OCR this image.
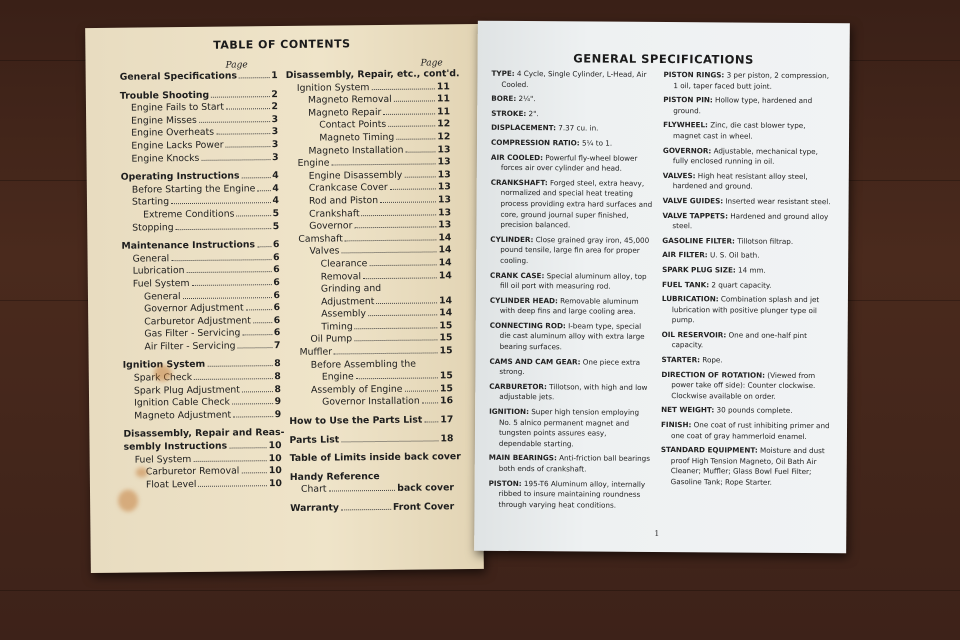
TABLE OF CONTENTS
Page	Page
General Specifications	1
Trouble Shooting	2
Engine Fails to Start	2
Engine Misses	3
Engine Overheats	3
Engine Lacks Power	3
Engine Knocks	3
Operating Instructions	4
Before Starting the Engine 4
Starting	4
Extreme Conditions	5
Stopping	5
Maintenance Instructions 6
General	6
Lubrication	6
Fuel System	6
General	6
Governor Adjustment	6
Carburetor Adjustment 6
Gas Filter - Servicing	6
Air Filter - Servicing	7
Ignition System	8
Spark Check	8
Spark Plug Adjustment	8
Ignition Cable Check	9
Magneto Adjustment	9
Disassembly, Repair and Reas-
sembly Instructions	10
Fuel System	10
Carburetor Removal	10
Float Level	10
Disassembly, Repair, etc., cont'd.
Ignition System	11
Magneto Removal	11
Magneto Repair	11
Contact Points	12
Magneto Timing	12
Magneto Installation	13
Engine	13
Engine Disassembly	13
Crankcase Cover	13
Rod and Piston	13
Crankshaft	13
Governor	13
Camshaft	14
Valves	14
Clearance	14
Removal	14
Grinding and
Adjustment	14
Assembly	14
Timing	15
Oil Pump	15
Muffler	15
Before Assembling the
Engine	15
Assembly of Engine	15
Governor Installation 16
How to Use the Parts List 17
Parts List	18
Table of Limits inside back cover
Handy Reference
Chart	back cover
Warranty	Front Cover
GENERAL SPECIFICATIONS
TYPE: 4 Cycle, Single Cylinder, L-Head, Air Cooled.
BORE: 2¼".
STROKE: 2".
DISPLACEMENT: 7.37 cu. in.
COMPRESSION RATIO: 5¼ to 1.
AIR COOLED: Powerful fly-wheel blower forces air over cylinder and head.
CRANKSHAFT: Forged steel, extra heavy, normalized and special heat treating process providing extra hard surfaces and core, ground journal super finished, precision balanced.
CYLINDER: Close grained gray iron, 45,000 pound tensile, large fin area for proper cooling.
CRANK CASE: Special aluminum alloy, top fill oil port with measuring rod.
CYLINDER HEAD: Removable aluminum with deep fins and large cooling area.
CONNECTING ROD: I-beam type, special die cast aluminum alloy with extra large bearing surfaces.
CAMS AND CAM GEAR: One piece extra strong.
CARBURETOR: Tillotson, with high and low adjustable jets.
IGNITION: Super high tension employing No. 5 alnico permanent magnet and tungsten points assures easy, dependable starting.
MAIN BEARINGS: Anti-friction ball bearings both ends of crankshaft.
PISTON: 195-T6 Aluminum alloy, internally ribbed to insure maintaining roundness through varying heat conditions.
PISTON RINGS: 3 per piston, 2 compression, 1 oil, taper faced butt joint.
PISTON PIN: Hollow type, hardened and ground.
FLYWHEEL: Zinc, die cast blower type, magnet cast in wheel.
GOVERNOR: Adjustable, mechanical type, fully enclosed running in oil.
VALVES: High heat resistant alloy steel, hardened and ground.
VALVE GUIDES: Inserted wear resistant steel.
VALVE TAPPETS: Hardened and ground alloy steel.
GASOLINE FILTER: Tillotson filtrap.
AIR FILTER: U. S. Oil bath.
SPARK PLUG SIZE: 14 mm.
FUEL TANK: 2 quart capacity.
LUBRICATION: Combination splash and jet lubrication with positive plunger type oil pump.
OIL RESERVOIR: One and one-half pint capacity.
STARTER: Rope.
DIRECTION OF ROTATION: (Viewed from power take off side): Counter clockwise. Clockwise available on order.
NET WEIGHT: 30 pounds complete.
FINISH: One coat of rust inhibiting primer and one coat of gray hammerloid enamel.
STANDARD EQUIPMENT: Moisture and dust proof High Tension Magneto, Oil Bath Air Cleaner; Muffler; Glass Bowl Fuel Filter; Gasoline Tank; Rope Starter.
1
